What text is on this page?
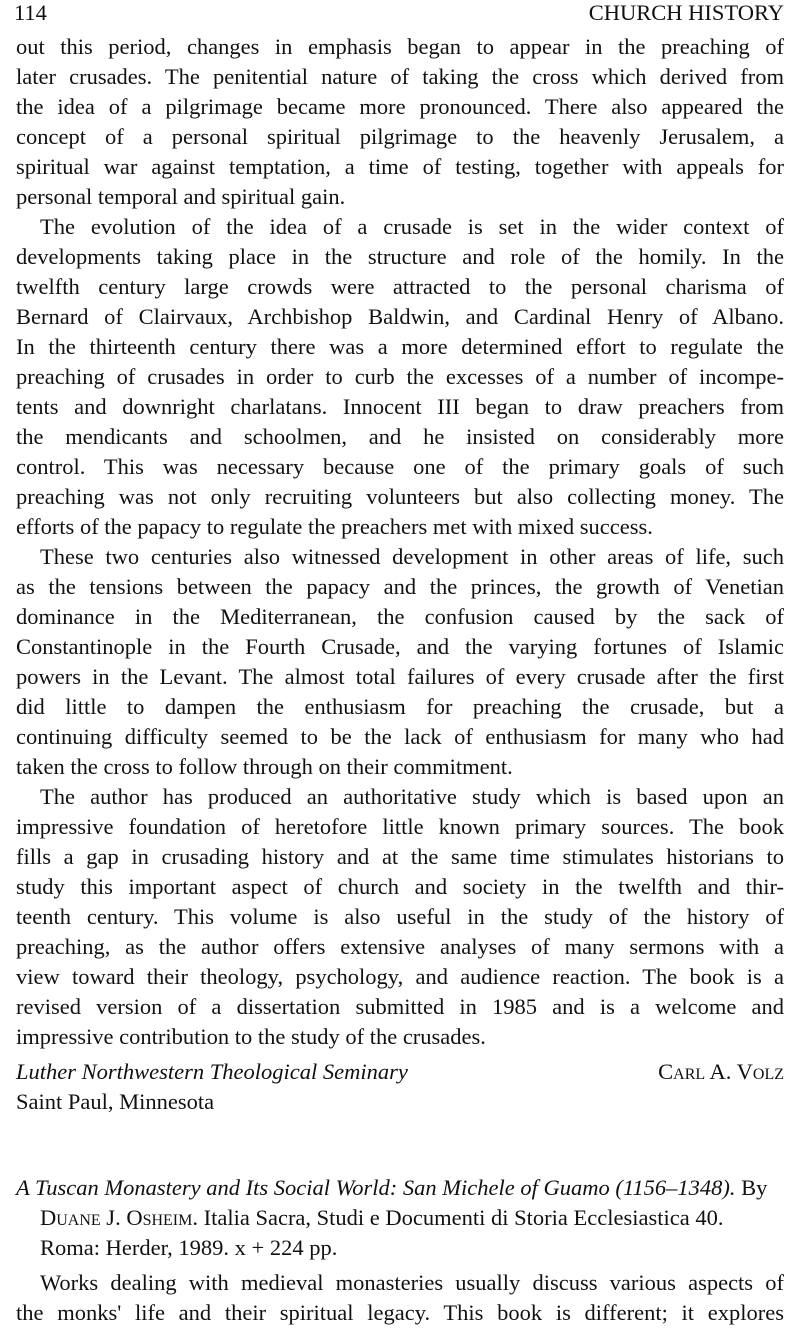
114	CHURCH HISTORY
out this period, changes in emphasis began to appear in the preaching of
later crusades. The penitential nature of taking the cross which derived from
the idea of a pilgrimage became more pronounced. There also appeared the
concept of a personal spiritual pilgrimage to the heavenly Jerusalem, a
spiritual war against temptation, a time of testing, together with appeals for
personal temporal and spiritual gain.
The evolution of the idea of a crusade is set in the wider context of
developments taking place in the structure and role of the homily. In the
twelfth century large crowds were attracted to the personal charisma of
Bernard of Clairvaux, Archbishop Baldwin, and Cardinal Henry of Albano.
In the thirteenth century there was a more determined effort to regulate the
preaching of crusades in order to curb the excesses of a number of incompe-
tents and downright charlatans. Innocent III began to draw preachers from
the mendicants and schoolmen, and he insisted on considerably more
control. This was necessary because one of the primary goals of such
preaching was not only recruiting volunteers but also collecting money. The
efforts of the papacy to regulate the preachers met with mixed success.
These two centuries also witnessed development in other areas of life, such
as the tensions between the papacy and the princes, the growth of Venetian
dominance in the Mediterranean, the confusion caused by the sack of
Constantinople in the Fourth Crusade, and the varying fortunes of Islamic
powers in the Levant. The almost total failures of every crusade after the first
did little to dampen the enthusiasm for preaching the crusade, but a
continuing difficulty seemed to be the lack of enthusiasm for many who had
taken the cross to follow through on their commitment.
The author has produced an authoritative study which is based upon an
impressive foundation of heretofore little known primary sources. The book
fills a gap in crusading history and at the same time stimulates historians to
study this important aspect of church and society in the twelfth and thir-
teenth century. This volume is also useful in the study of the history of
preaching, as the author offers extensive analyses of many sermons with a
view toward their theology, psychology, and audience reaction. The book is a
revised version of a dissertation submitted in 1985 and is a welcome and
impressive contribution to the study of the crusades.
Luther Northwestern Theological Seminary	Carl A. Volz
Saint Paul, Minnesota
A Tuscan Monastery and Its Social World: San Michele of Guamo (1156–1348). By
Duane J. Osheim. Italia Sacra, Studi e Documenti di Storia Ecclesiastica 40.
Roma: Herder, 1989. x + 224 pp.
Works dealing with medieval monasteries usually discuss various aspects of
the monks' life and their spiritual legacy. This book is different; it explores
